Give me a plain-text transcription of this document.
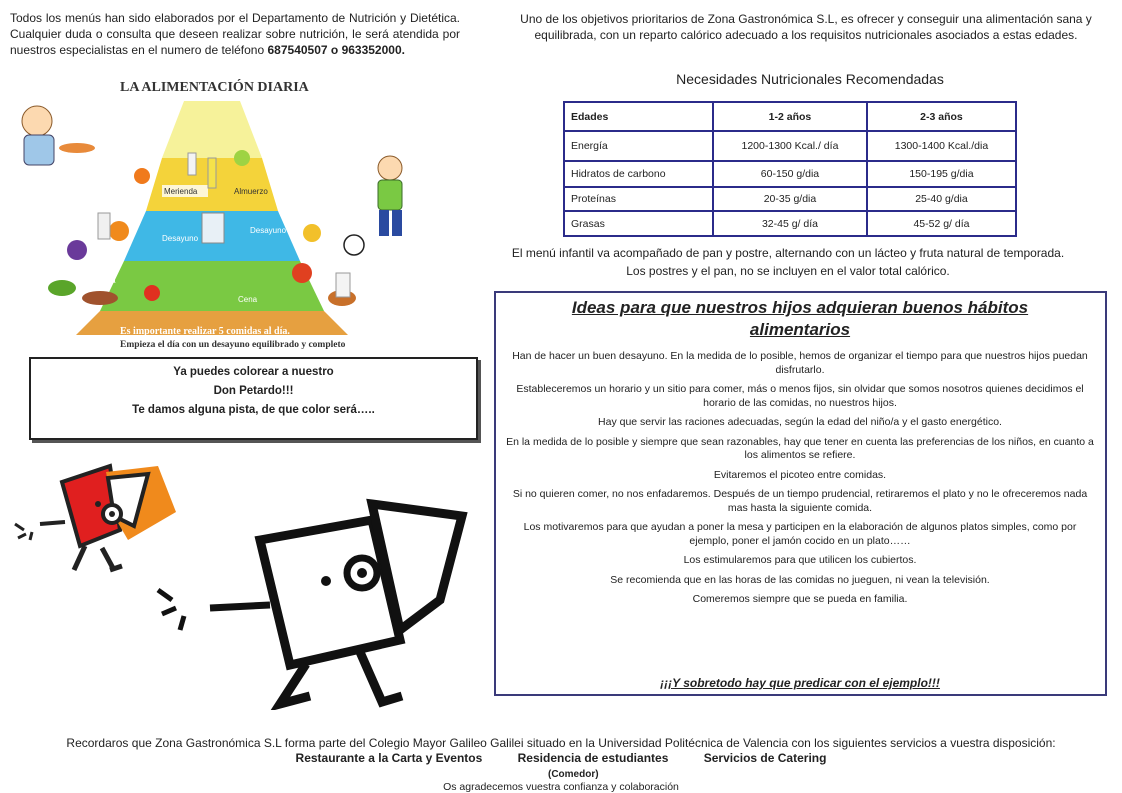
Todos los menús han sido elaborados por el Departamento de Nutrición y Dietética. Cualquier duda o consulta que deseen realizar sobre nutrición, le será atendida por nuestros especialistas en el numero de teléfono 687540507 o 963352000.
Uno de los objetivos prioritarios de Zona Gastronómica S.L, es ofrecer y conseguir una alimentación sana y equilibrada, con un reparto calórico adecuado a los requisitos nutricionales asociados a estas edades.
LA ALIMENTACIÓN DIARIA
Merienda	Almuerzo
Desayuno
Desayuno
Comida
Cena
Es importante realizar 5 comidas al día.
Empieza el día con un desayuno equilibrado y completo
Necesidades Nutricionales Recomendadas
Edades	1-2 años	2-3 años
Energía	1200-1300 Kcal./ día	1300-1400 Kcal./dia
Hidratos de carbono	60-150 g/dia	150-195 g/dia
Proteínas	20-35 g/dia	25-40 g/dia
Grasas	32-45 g/ día	45-52 g/ día
El menú infantil va acompañado de pan y postre, alternando con un lácteo y fruta natural de temporada. Los postres y el pan, no se incluyen en el valor total calórico.
Ya puedes colorear a nuestro
Don Petardo!!!
Te damos alguna pista, de que color será…..
Ideas para que nuestros hijos adquieran buenos hábitos alimentarios

Han de hacer un buen desayuno. En la medida de lo posible, hemos de organizar el tiempo para que nuestros hijos puedan disfrutarlo.

Estableceremos un horario y un sitio para comer, más o menos fijos, sin olvidar que somos nosotros quienes decidimos el horario de las comidas, no nuestros hijos.

Hay que servir las raciones adecuadas, según la edad del niño/a y el gasto energético.

En la medida de lo posible y siempre que sean razonables, hay que tener en cuenta las preferencias de los niños, en cuanto a los alimentos se refiere.

Evitaremos el picoteo entre comidas.

Si no quieren comer, no nos enfadaremos. Después de un tiempo prudencial, retiraremos el plato y no le ofreceremos nada mas hasta la siguiente comida.

Los motivaremos para que ayudan a poner la mesa y participen en la elaboración de algunos platos simples, como por ejemplo, poner el jamón cocido en un plato……

Los estimularemos para que utilicen los cubiertos.

Se recomienda que en las horas de las comidas no jueguen, ni vean la televisión.

Comeremos siempre que se pueda en familia.

¡¡¡Y sobretodo hay que predicar con el ejemplo!!!
Recordaros que Zona Gastronómica S.L forma parte del Colegio Mayor Galileo Galilei situado en la Universidad Politécnica de Valencia con los siguientes servicios a vuestra disposición:
Restaurante a la Carta y Eventos	Residencia de estudiantes	Servicios de Catering
(Comedor)
Os agradecemos vuestra confianza y colaboración
